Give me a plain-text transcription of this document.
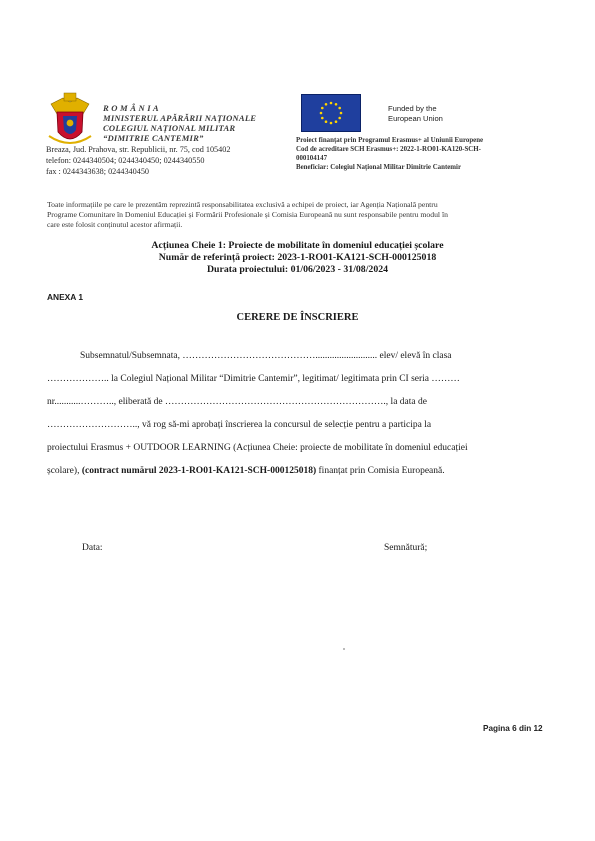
R O M Â N I A
MINISTERUL APĂRĂRII NAȚIONALE
COLEGIUL NAȚIONAL MILITAR
“DIMITRIE CANTEMIR”
Breaza, Jud. Prahova, str. Republicii, nr. 75, cod 105402
telefon: 0244340504; 0244340450; 0244340550
fax : 0244343638; 0244340450
Funded by the
European Union
Proiect finanțat prin Programul Erasmus+ al Uniunii Europene
Cod de acreditare SCH Erasmus+: 2022-1-RO01-KA120-SCH-
000104147
Beneficiar: Colegiul Național Militar Dimitrie Cantemir
Toate informațiile pe care le prezentăm reprezintă responsabilitatea exclusivă a echipei de proiect, iar Agenția Națională pentru
Programe Comunitare în Domeniul Educației și Formării Profesionale și Comisia Europeană nu sunt responsabile pentru modul în
care este folosit conținutul acestor afirmații.
Acțiunea Cheie 1: Proiecte de mobilitate în domeniul educației școlare
Număr de referință proiect: 2023-1-RO01-KA121-SCH-000125018
Durata proiectului: 01/06/2023 - 31/08/2024
ANEXA 1
CERERE DE ÎNSCRIERE
Subsemnatul/Subsemnata, …………………………………….......................... elev/ elevă în clasa
……………….. la Colegiul Național Militar “Dimitrie Cantemir”, legitimat/ legitimata prin CI seria ………
nr...........……….., eliberată de ……………………………………………………………., la data de
……………………….., vă rog să-mi aprobați înscrierea la concursul de selecție pentru a participa la
proiectului Erasmus + OUTDOOR LEARNING (Acțiunea Cheie: proiecte de mobilitate în domeniul educației
școlare), (contract numărul 2023-1-RO01-KA121-SCH-000125018) finanțat prin Comisia Europeană.
Data:	Semnătură;
Pagina 6 din 12
